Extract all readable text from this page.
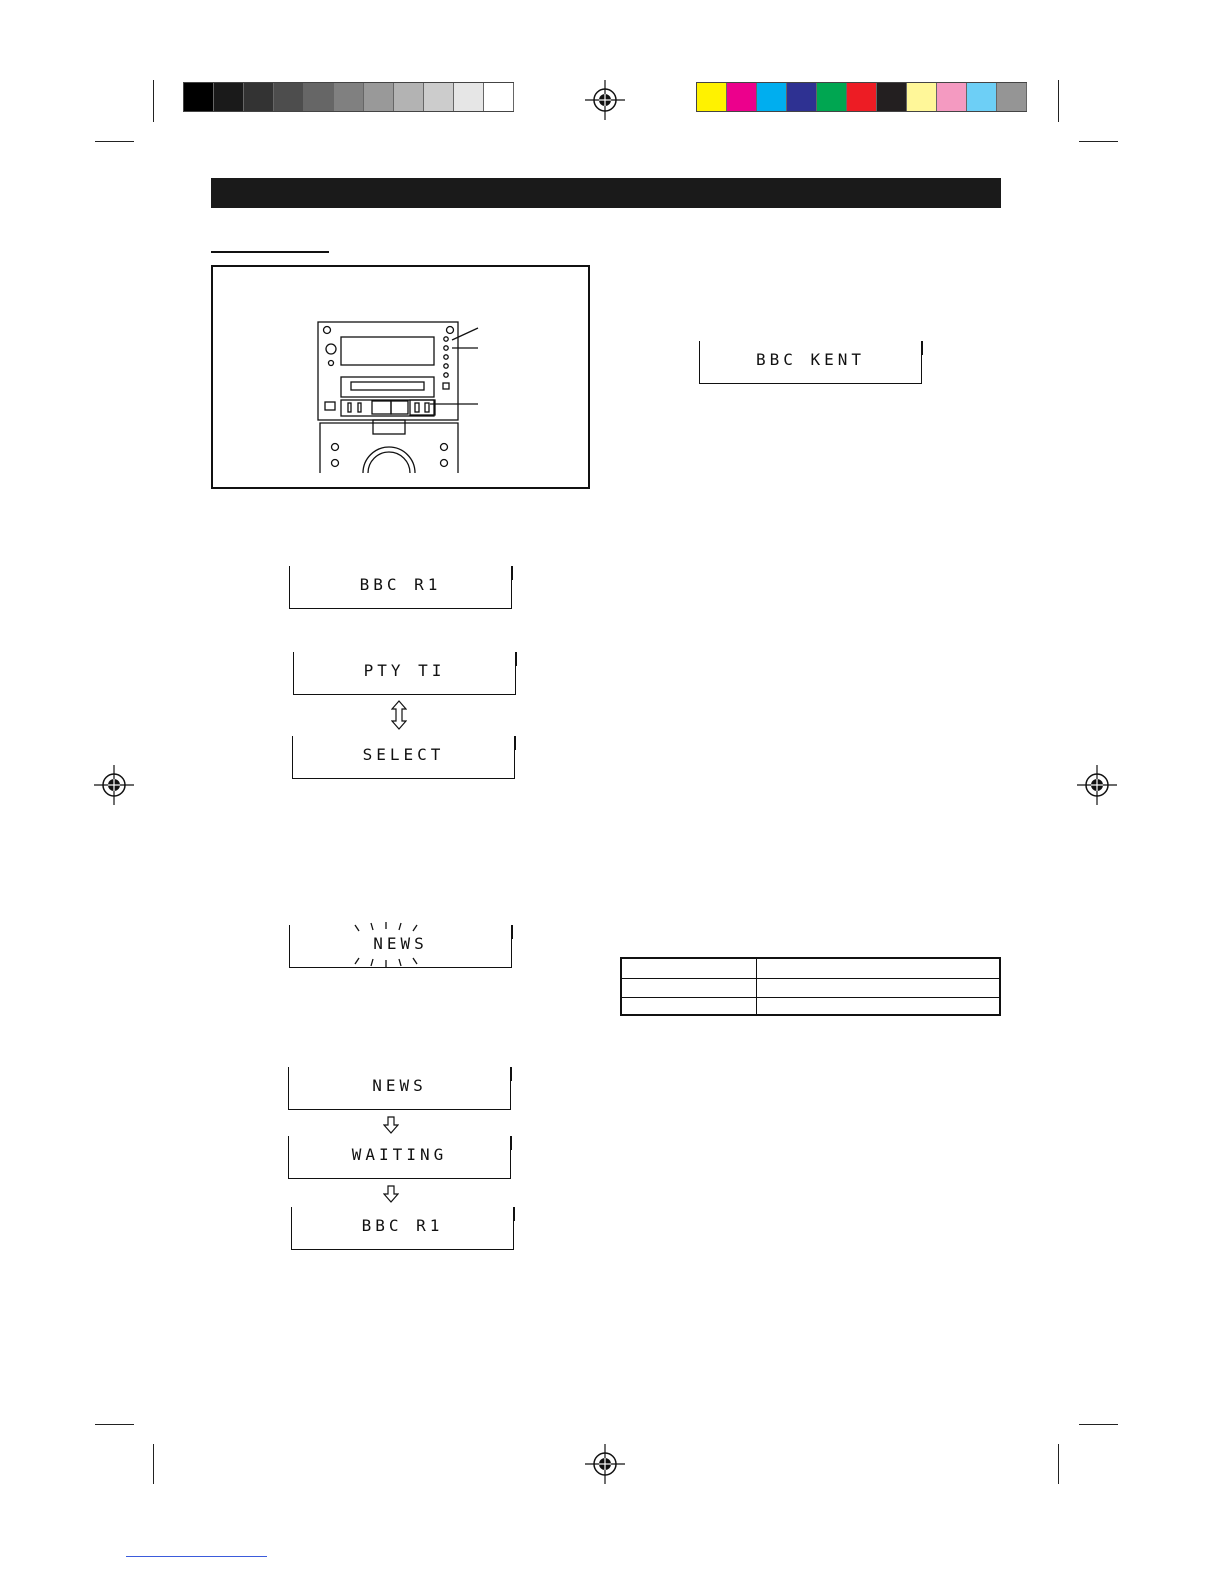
BBC KENT
BBC R1
PTY TI
SELECT
NEWS
NEWS
WAITING
BBC R1
